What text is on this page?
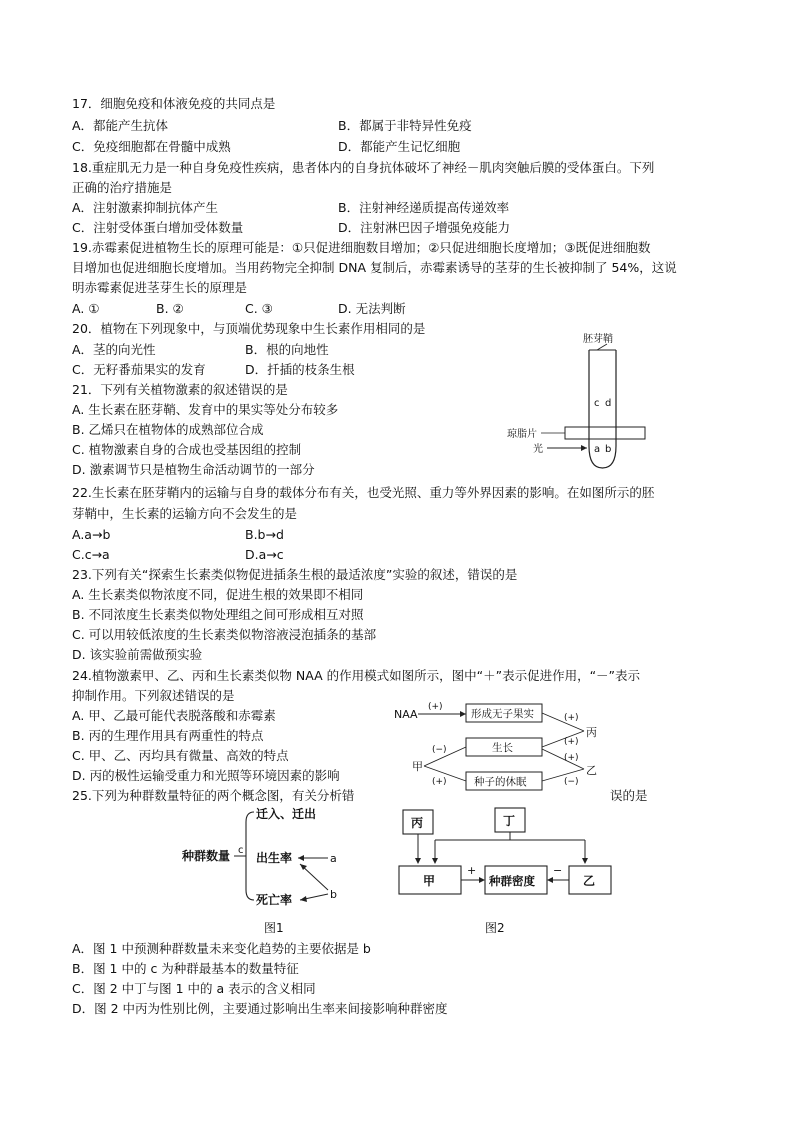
17．细胞免疫和体液免疫的共同点是
A．都能产生抗体	B．都属于非特异性免疫
C．免疫细胞都在骨髓中成熟	D．都能产生记忆细胞
18.重症肌无力是一种自身免疫性疾病，患者体内的自身抗体破坏了神经－肌肉突触后膜的受体蛋白。下列
正确的治疗措施是
A．注射激素抑制抗体产生	B．注射神经递质提高传递效率
C．注射受体蛋白增加受体数量	D．注射淋巴因子增强免疫能力
19.赤霉素促进植物生长的原理可能是：①只促进细胞数目增加；②只促进细胞长度增加；③既促进细胞数
目增加也促进细胞长度增加。当用药物完全抑制 DNA 复制后，赤霉素诱导的茎芽的生长被抑制了 54%，这说
明赤霉素促进茎芽生长的原理是
A. ①	B. ②	C. ③	D. 无法判断
20．植物在下列现象中，与顶端优势现象中生长素作用相同的是
A．茎的向光性	B．根的向地性
C．无籽番茄果实的发育	D．扦插的枝条生根
21．下列有关植物激素的叙述错误的是
A. 生长素在胚芽鞘、发育中的果实等处分布较多
B. 乙烯只在植物体的成熟部位合成
C. 植物激素自身的合成也受基因组的控制
D. 激素调节只是植物生命活动调节的一部分
胚芽鞘
c d
琼脂片
a b
光
22.生长素在胚芽鞘内的运输与自身的载体分布有关，也受光照、重力等外界因素的影响。在如图所示的胚
芽鞘中，生长素的运输方向不会发生的是
A.a→b	B.b→d
C.c→a	D.a→c
23.下列有关“探索生长素类似物促进插条生根的最适浓度”实验的叙述，错误的是
A. 生长素类似物浓度不同，促进生根的效果即不相同
B. 不同浓度生长素类似物处理组之间可形成相互对照
C. 可以用较低浓度的生长素类似物溶液浸泡插条的基部
D. 该实验前需做预实验
24.植物激素甲、乙、丙和生长素类似物 NAA 的作用模式如图所示，图中“＋”表示促进作用，“－”表示
抑制作用。下列叙述错误的是
A. 甲、乙最可能代表脱落酸和赤霉素
B. 丙的生理作用具有两重性的特点
C. 甲、乙、丙均具有微量、高效的特点
D. 丙的极性运输受重力和光照等环境因素的影响
NAA
(+)
形成无子果实
生长
种子的休眠
甲
(−)
(+)
丙
(+)
(+)
乙
(+)
(−)
25.下列为种群数量特征的两个概念图，有关分析错	误的是
种群数量 c
迁入、迁出
出生率
死亡率
a
b
图1
丙	丁
甲
+
种群密度
−
乙
图2
A．图 1 中预测种群数量未来变化趋势的主要依据是 b
B．图 1 中的 c 为种群最基本的数量特征
C．图 2 中丁与图 1 中的 a 表示的含义相同
D．图 2 中丙为性别比例，主要通过影响出生率来间接影响种群密度
